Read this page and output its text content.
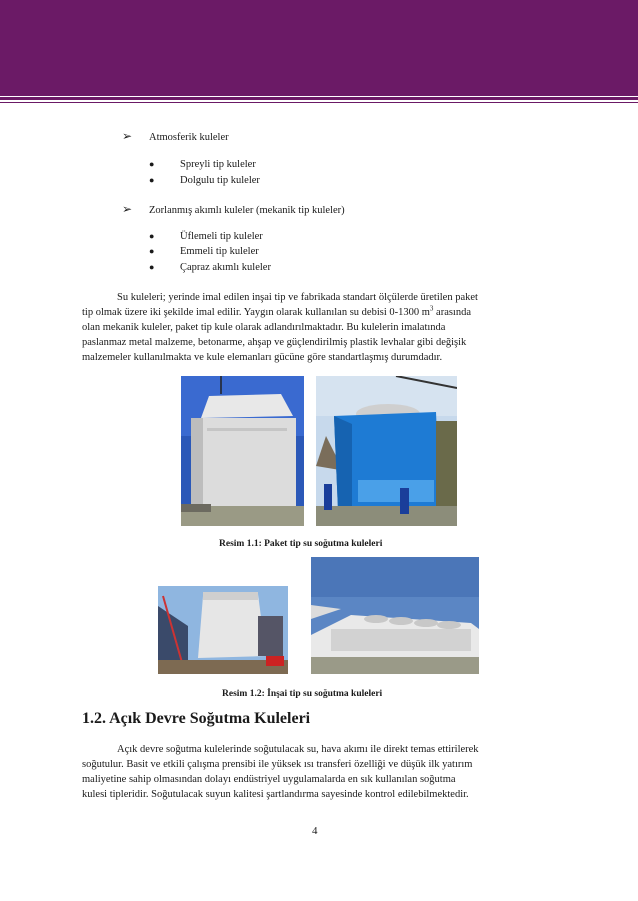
➢ Atmosferik kuleler
● Spreyli tip kuleler
● Dolgulu tip kuleler
➢ Zorlanmış akımlı kuleler (mekanik tip kuleler)
● Üflemeli tip kuleler
● Emmeli tip kuleler
● Çapraz akımlı kuleler

Su kuleleri; yerinde imal edilen inşai tip ve fabrikada standart ölçülerde üretilen paket

tip olmak üzere iki şekilde imal edilir. Yaygın olarak kullanılan su debisi 0-1300 $m^3$ arasında

olan mekanik kuleler, paket tip kule olarak adlandırılmaktadır. Bu kulelerin imalatında

paslanmaz metal malzeme, betonarme, ahşap ve güçlendirilmiş plastik levhalar gibi değişik

malzemeler kullanılmakta ve kule elemanları gücüne göre standartlaşmış durumdadır.

Resim 1.1: Paket tip su soğutma kuleleri
Resim 1.2: İnşai tip su soğutma kuleleri
1.2. Açık Devre Soğutma Kuleleri

Açık devre soğutma kulelerinde soğutulacak su, hava akımı ile direkt temas ettirilerek

soğutulur. Basit ve etkili çalışma prensibi ile yüksek ısı transferi özelliği ve düşük ilk yatırım

maliyetine sahip olmasından dolayı endüstriyel uygulamalarda en sık kullanılan soğutma

kulesi tipleridir. Soğutulacak suyun kalitesi şartlandırma sayesinde kontrol edilebilmektedir.

4
